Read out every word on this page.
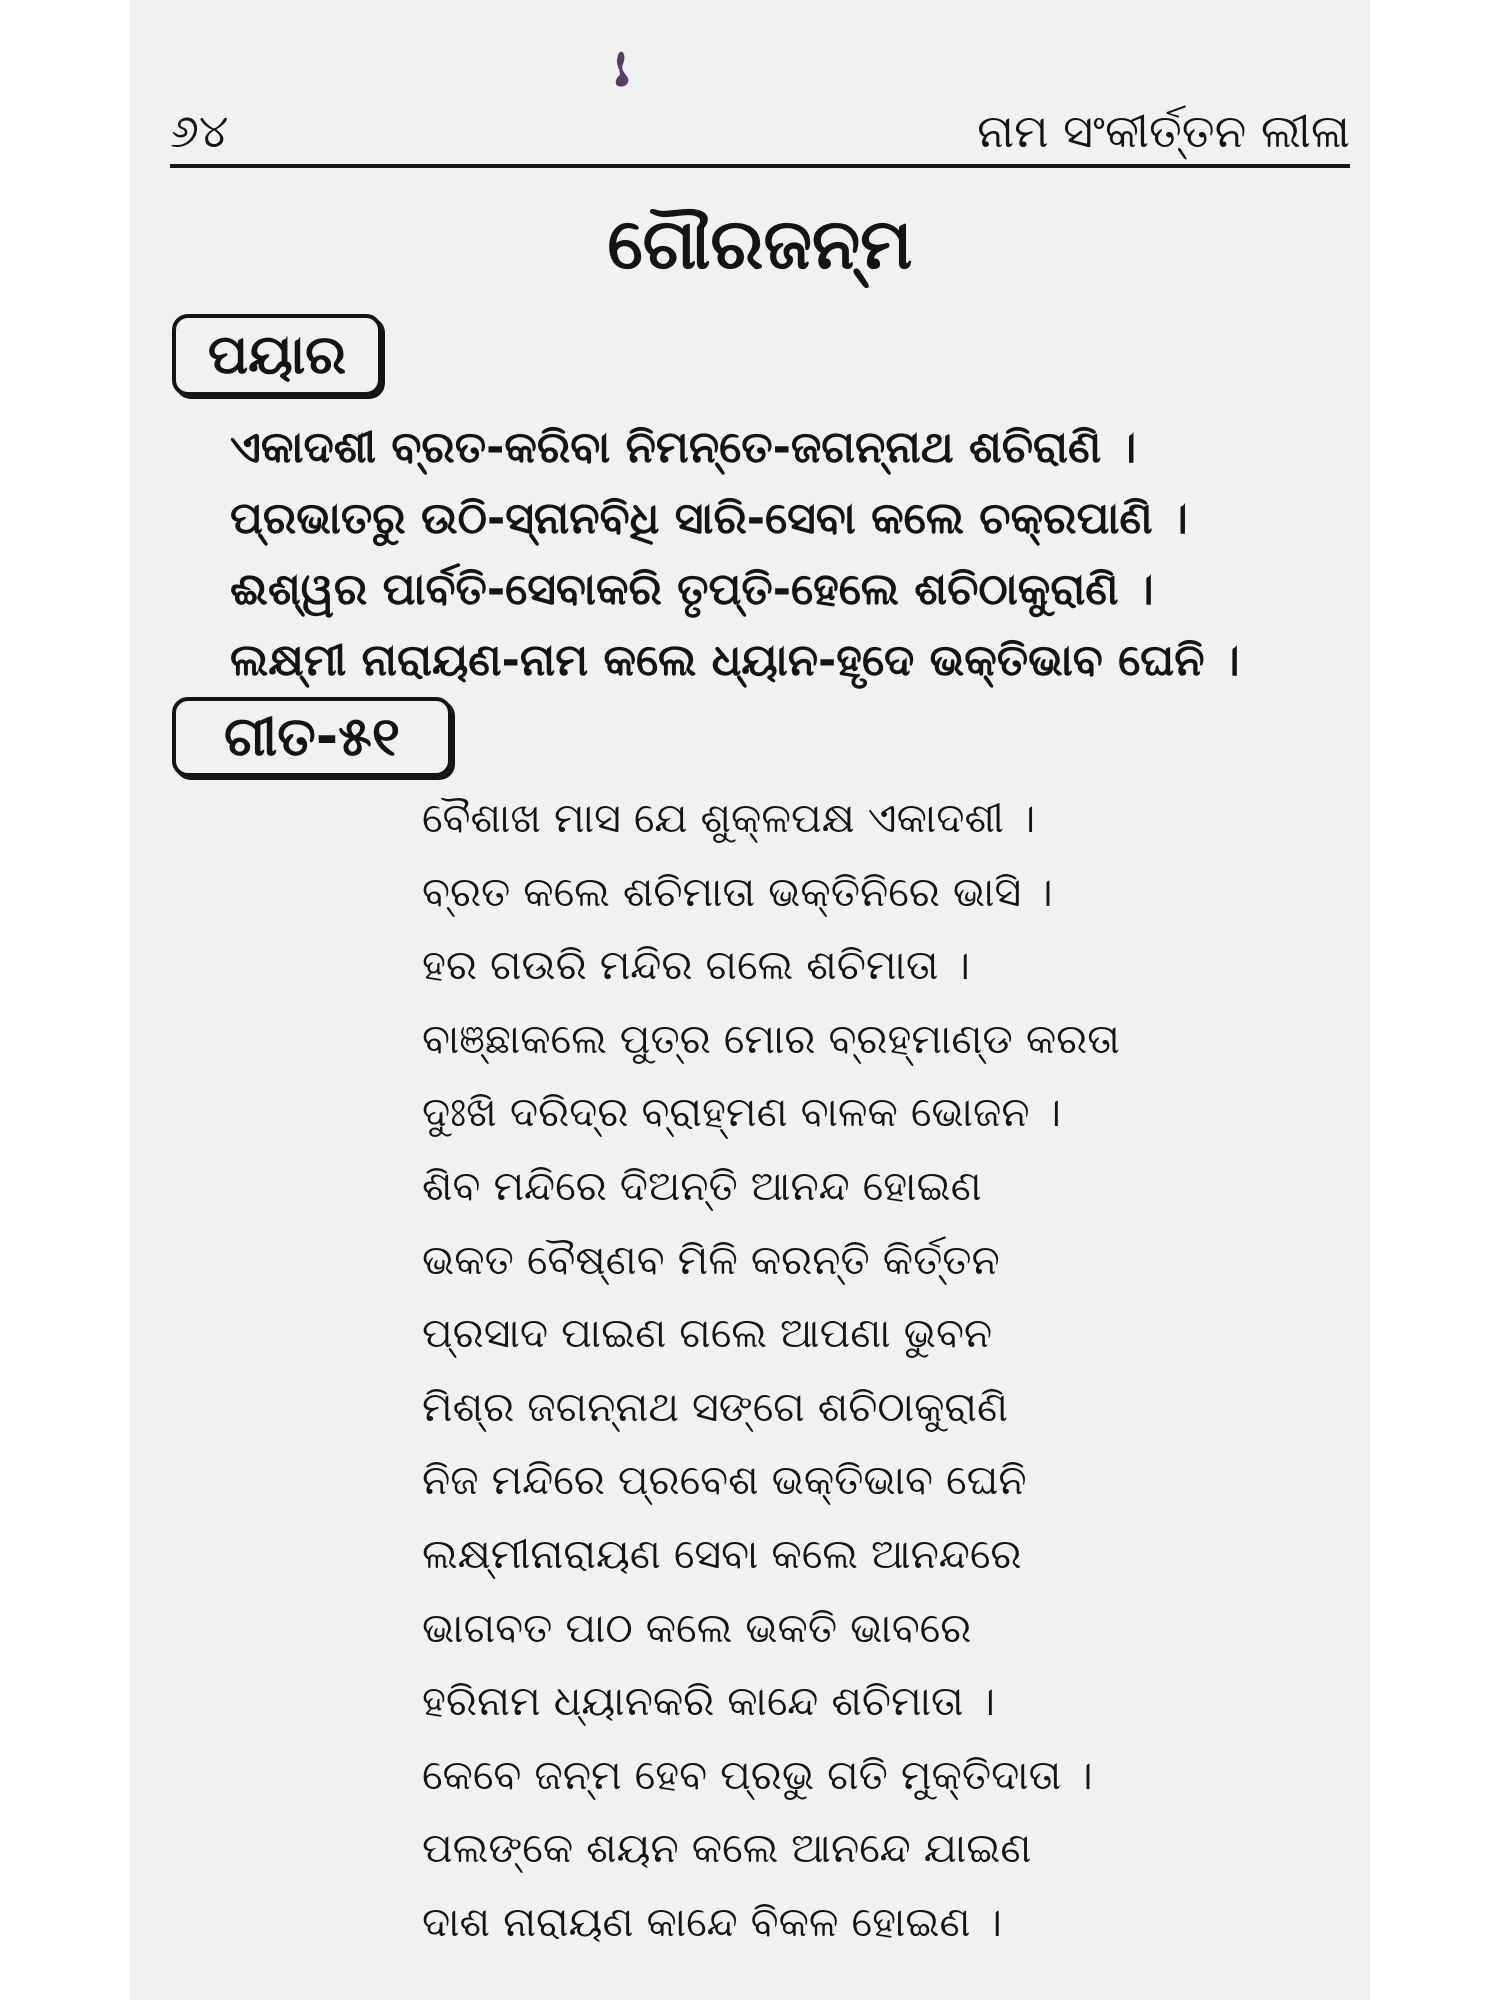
୬୪	ନାମ ସଂକୀର୍ତ୍ତନ ଲୀଳା
ଗୌରଜନ୍ମ
ପୟାର
ଏକାଦଶୀ ବ୍ରତ-କରିବା ନିମନ୍ତେ-ଜଗନ୍ନାଥ ଶଚିରାଣି ।
ପ୍ରଭାତରୁ ଉଠି-ସ୍ନାନବିଧି ସାରି-ସେବା କଲେ ଚକ୍ରପାଣି ।
ଈଶ୍ୱର ପାର୍ବତି-ସେବାକରି ତୃପ୍ତି-ହେଲେ ଶଚିଠାକୁରାଣି ।
ଲକ୍ଷ୍ମୀ ନାରାୟଣ-ନାମ କଲେ ଧ୍ୟାନ-ହୃଦେ ଭକ୍ତିଭାବ ଘେନି ।
ଗୀତ-୫୧
ବୈଶାଖ ମାସ ଯେ ଶୁକ୍ଳପକ୍ଷ ଏକାଦଶୀ ।
ବ୍ରତ କଲେ ଶଚିମାତା ଭକ୍ତିନିରେ ଭାସି ।
ହର ଗଉରି ମନ୍ଦିର ଗଲେ ଶଚିମାତା ।
ବାଞ୍ଛାକଲେ ପୁତ୍ର ମୋର ବ୍ରହ୍ମାଣ୍ଡ କରତା
ଦୁଃଖି ଦରିଦ୍ର ବ୍ରାହ୍ମଣ ବାଳକ ଭୋଜନ ।
ଶିବ ମନ୍ଦିରେ ଦିଅନ୍ତି ଆନନ୍ଦ ହୋଇଣ
ଭକତ ବୈଷ୍ଣବ ମିଳି କରନ୍ତି କିର୍ତ୍ତନ
ପ୍ରସାଦ ପାଇଣ ଗଲେ ଆପଣା ଭୁବନ
ମିଶ୍ର ଜଗନ୍ନାଥ ସଙ୍ଗେ ଶଚିଠାକୁରାଣି
ନିଜ ମନ୍ଦିରେ ପ୍ରବେଶ ଭକ୍ତିଭାବ ଘେନି
ଲକ୍ଷ୍ମୀନାରାୟଣ ସେବା କଲେ ଆନନ୍ଦରେ
ଭାଗବତ ପାଠ କଲେ ଭକତି ଭାବରେ
ହରିନାମ ଧ୍ୟାନକରି କାନ୍ଦେ ଶଚିମାତା ।
କେବେ ଜନ୍ମ ହେବ ପ୍ରଭୁ ଗତି ମୁକ୍ତିଦାତା ।
ପଲଙ୍କେ ଶୟନ କଲେ ଆନନ୍ଦେ ଯାଇଣ
ଦାଶ ନାରାୟଣ କାନ୍ଦେ ବିକଳ ହୋଇଣ ।
